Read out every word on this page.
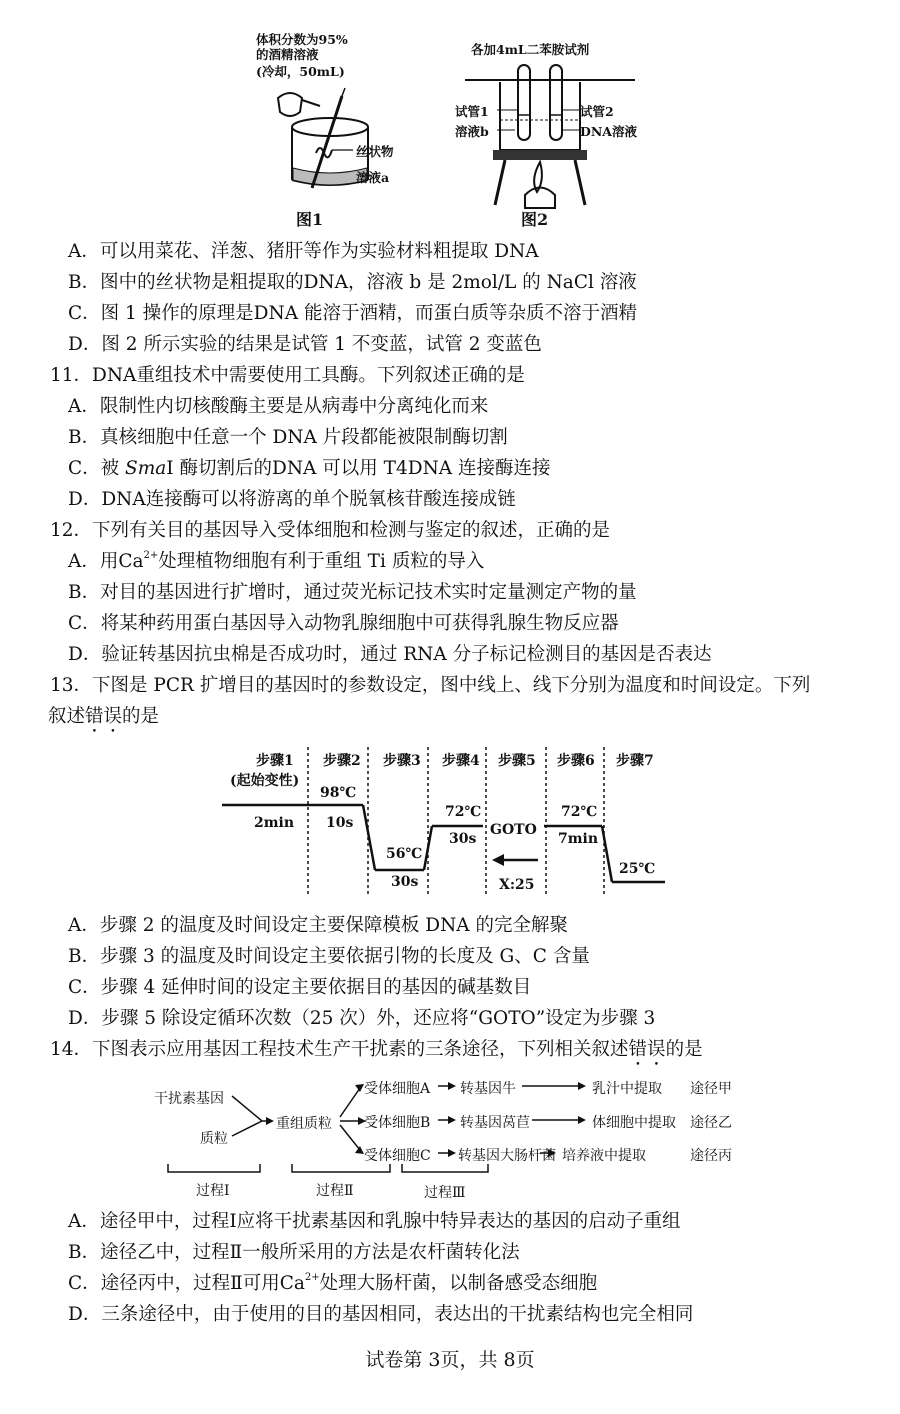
体积分数为95%
的酒精溶液
(冷却，50mL)
丝状物
溶液a
图1
各加4mL二苯胺试剂
试管1
溶液b
试管2
DNA溶液
图2
A．可以用菜花、洋葱、猪肝等作为实验材料粗提取 DNA
B．图中的丝状物是粗提取的DNA，溶液 b 是 2mol/L 的 NaCl 溶液
C．图 1 操作的原理是DNA 能溶于酒精，而蛋白质等杂质不溶于酒精
D．图 2 所示实验的结果是试管 1 不变蓝，试管 2 变蓝色
11．DNA重组技术中需要使用工具酶。下列叙述正确的是
A．限制性内切核酸酶主要是从病毒中分离纯化而来
B．真核细胞中任意一个 DNA 片段都能被限制酶切割
C．被 SmaI 酶切割后的DNA 可以用 T4DNA 连接酶连接
D．DNA连接酶可以将游离的单个脱氧核苷酸连接成链
12．下列有关目的基因导入受体细胞和检测与鉴定的叙述，正确的是
A．用$Ca^{2+}$处理植物细胞有利于重组 Ti 质粒的导入
B．对目的基因进行扩增时，通过荧光标记技术实时定量测定产物的量
C．将某种药用蛋白基因导入动物乳腺细胞中可获得乳腺生物反应器
D．验证转基因抗虫棉是否成功时，通过 RNA 分子标记检测目的基因是否表达
13．下图是 PCR 扩增目的基因时的参数设定，图中线上、线下分别为温度和时间设定。下列
叙述错误的是
步骤1
(起始变性)
步骤2 步骤3 步骤4 步骤5 步骤6 步骤7
2min
98℃
10s
56℃
30s
72℃
30s
GOTO
X:25
72℃
7min
25℃
A．步骤 2 的温度及时间设定主要保障模板 DNA 的完全解聚
B．步骤 3 的温度及时间设定主要依据引物的长度及 G、C 含量
C．步骤 4 延伸时间的设定主要依据目的基因的碱基数目
D．步骤 5 除设定循环次数（25 次）外，还应将“GOTO”设定为步骤 3
14．下图表示应用基因工程技术生产干扰素的三条途径，下列相关叙述错误的是
干扰素基因
质粒
重组质粒
受体细胞A
受体细胞B
受体细胞C
转基因牛
转基因莴苣
转基因大肠杆菌
乳汁中提取
体细胞中提取
培养液中提取
途径甲
途径乙
途径丙
过程Ⅰ	过程Ⅱ	过程Ⅲ
A．途径甲中，过程Ⅰ应将干扰素基因和乳腺中特异表达的基因的启动子重组
B．途径乙中，过程Ⅱ一般所采用的方法是农杆菌转化法
C．途径丙中，过程Ⅱ可用$Ca^{2+}$处理大肠杆菌，以制备感受态细胞
D．三条途径中，由于使用的目的基因相同，表达出的干扰素结构也完全相同
试卷第 3页，共 8页
